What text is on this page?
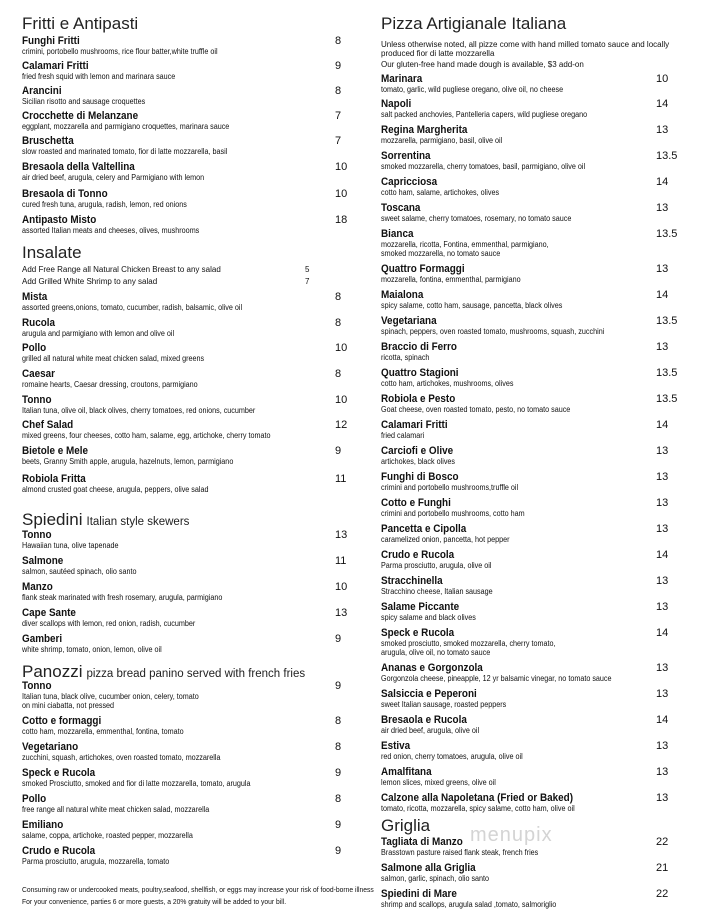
Fritti e Antipasti
Funghi Fritti
crimini, portobello mushrooms, rice flour batter,white truffle oil
8
Calamari Fritti
fried fresh squid with lemon and marinara sauce
9
Arancini
Sicilian risotto and sausage croquettes
8
Crocchette di Melanzane
eggplant, mozzarella and parmigiano croquettes, marinara sauce
7
Bruschetta
slow roasted and marinated tomato, fior di latte mozzarella, basil
7
Bresaola della Valtellina
air dried beef, arugula, celery and Parmigiano with lemon
10
Bresaola di Tonno
cured fresh tuna, arugula, radish, lemon, red onions
10
Antipasto Misto
assorted Italian meats and cheeses, olives, mushrooms
18
Insalate
Add Free Range all Natural Chicken Breast to any salad	5
Add Grilled White Shrimp to any salad	7
Mista
assorted greens,onions, tomato, cucumber, radish, balsamic, olive oil
8
Rucola
arugula and parmigiano with lemon and olive oil
8
Pollo
grilled all natural white meat chicken salad, mixed greens
10
Caesar
romaine hearts, Caesar dressing, croutons, parmigiano
8
Tonno
Italian tuna, olive oil, black olives, cherry tomatoes, red onions, cucumber
10
Chef Salad
mixed greens, four cheeses, cotto ham, salame, egg, artichoke, cherry tomato
12
Bietole e Mele
beets, Granny Smith apple, arugula, hazelnuts, lemon, parmigiano
9
Robiola Fritta
almond crusted goat cheese, arugula, peppers, olive salad
11
Spiedini Italian style skewers
Tonno
Hawaiian tuna, olive tapenade
13
Salmone
salmon, sautéed spinach, olio santo
11
Manzo
flank steak marinated with fresh rosemary, arugula, parmigiano
10
Cape Sante
diver scallops with lemon, red onion, radish, cucumber
13
Gamberi
white shrimp, tomato, onion, lemon, olive oil
9
Panozzi pizza bread panino served with french fries
Tonno
Italian tuna, black olive, cucumber onion, celery, tomato
on mini ciabatta, not pressed
9
Cotto e formaggi
cotto ham, mozzarella, emmenthal, fontina, tomato
8
Vegetariano
zucchini, squash, artichokes, oven roasted tomato, mozzarella
8
Speck e Rucola
smoked Prosciutto, smoked and fior di latte mozzarella, tomato, arugula
9
Pollo
free range all natural white meat chicken salad, mozzarella
8
Emiliano
salame, coppa, artichoke, roasted pepper, mozzarella
9
Crudo e Rucola
Parma prosciutto, arugula, mozzarella, tomato
9
Consuming raw or undercooked meats, poultry,seafood, shellfish, or eggs may increase your risk of food-borne illness
For your convenience, parties 6 or more guests, a 20% gratuity will be added to your bill.
Pizza Artigianale Italiana
Unless otherwise noted, all pizze come with hand milled tomato sauce and locally produced fior di latte mozzarella
Our gluten-free hand made dough is available, $3 add-on
Marinara
tomato, garlic, wild pugliese oregano, olive oil, no cheese
10
Napoli
salt packed anchovies, Pantelleria capers, wild pugliese oregano
14
Regina Margherita
mozzarella, parmigiano, basil, olive oil
13
Sorrentina
smoked mozzarella, cherry tomatoes, basil, parmigiano, olive oil
13.5
Capricciosa
cotto ham, salame, artichokes, olives
14
Toscana
sweet salame, cherry tomatoes, rosemary, no tomato sauce
13
Bianca
mozzarella, ricotta, Fontina, emmenthal, parmigiano,
smoked mozzarella, no tomato sauce
13.5
Quattro Formaggi
mozzarella, fontina, emmenthal, parmigiano
13
Maialona
spicy salame, cotto ham, sausage, pancetta, black olives
14
Vegetariana
spinach, peppers, oven roasted tomato, mushrooms, squash, zucchini
13.5
Braccio di Ferro
ricotta, spinach
13
Quattro Stagioni
cotto ham, artichokes, mushrooms, olives
13.5
Robiola e Pesto
Goat cheese, oven roasted tomato, pesto, no tomato sauce
13.5
Calamari Fritti
fried calamari
14
Carciofi e Olive
artichokes, black olives
13
Funghi di Bosco
crimini and portobello mushrooms,truffle oil
13
Cotto e Funghi
crimini and portobello mushrooms, cotto ham
13
Pancetta e Cipolla
caramelized onion, pancetta, hot pepper
13
Crudo e Rucola
Parma prosciutto, arugula, olive oil
14
Stracchinella
Stracchino cheese, Italian sausage
13
Salame Piccante
spicy salame and black olives
13
Speck e Rucola
smoked prosciutto, smoked mozzarella, cherry tomato,
arugula, olive oil, no tomato sauce
14
Ananas e Gorgonzola
Gorgonzola cheese, pineapple, 12 yr balsamic vinegar, no tomato sauce
13
Salsiccia e Peperoni
sweet Italian sausage, roasted peppers
13
Bresaola e Rucola
air dried beef, arugula, olive oil
14
Estiva
red onion, cherry tomatoes, arugula, olive oil
13
Amalfitana
lemon slices, mixed greens, olive oil
13
Calzone alla Napoletana (Fried or Baked)
tomato, ricotta, mozzarella, spicy salame, cotto ham, olive oil
13
Griglia
Tagliata di Manzo
Brasstown pasture raised flank steak, french fries
22
Salmone alla Griglia
salmon, garlic, spinach, olio santo
21
Spiedini di Mare
shrimp and scallops, arugula salad ,tomato, salmoriglio
22
menupix
